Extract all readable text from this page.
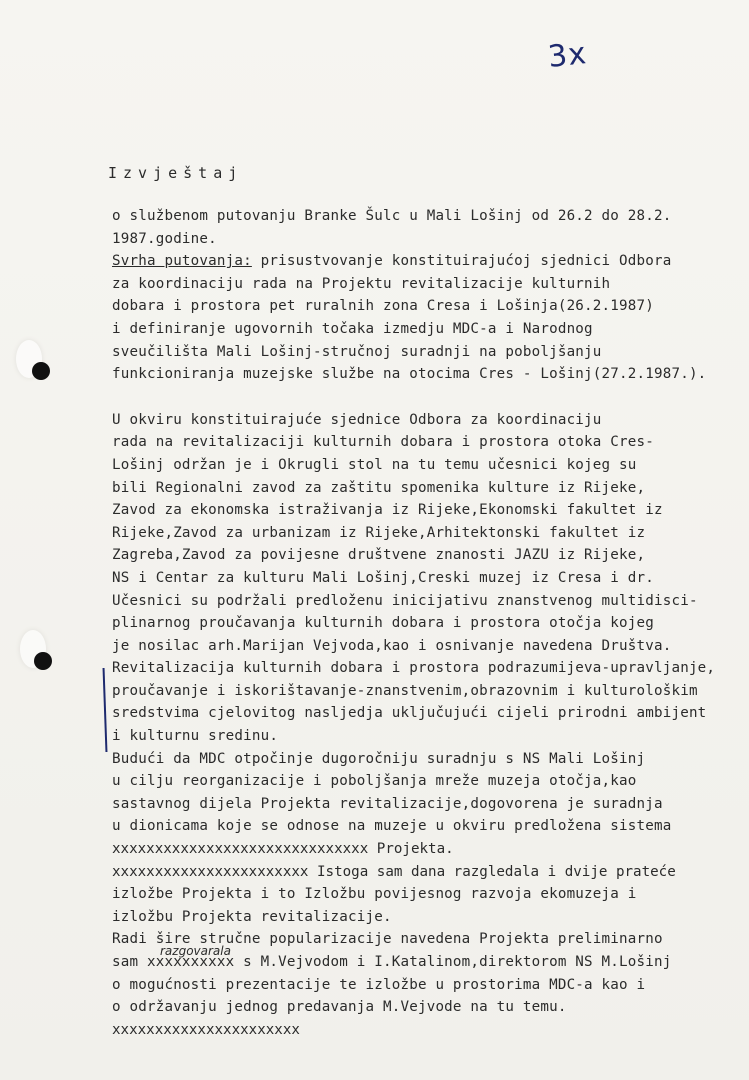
3x
Izvještaj
o službenom putovanju Branke Šulc u Mali Lošinj od 26.2 do 28.2.
1987.godine.
Svrha putovanja: prisustvovanje konstituirajućoj sjednici Odbora
za koordinaciju rada na Projektu revitalizacije kulturnih
dobara i prostora pet ruralnih zona Cresa i Lošinja(26.2.1987)
i definiranje ugovornih točaka izmedju MDC-a i Narodnog
sveučilišta Mali Lošinj-stručnoj suradnji na poboljšanju
funkcioniranja muzejske službe na otocima Cres - Lošinj(27.2.1987.).
U okviru konstituirajuće sjednice Odbora za koordinaciju
rada na revitalizaciji kulturnih dobara i prostora otoka Cres-
Lošinj održan je i Okrugli stol na tu temu učesnici kojeg su
bili Regionalni zavod za zaštitu spomenika kulture iz Rijeke,
Zavod za ekonomska istraživanja iz Rijeke,Ekonomski fakultet iz
Rijeke,Zavod za urbanizam iz Rijeke,Arhitektonski fakultet iz
Zagreba,Zavod za povijesne društvene znanosti JAZU iz Rijeke,
NS i Centar za kulturu Mali Lošinj,Creski muzej iz Cresa i dr.
Učesnici su podržali predloženu inicijativu znanstvenog multidisci-
plinarnog proučavanja kulturnih dobara i prostora otočja kojeg
je nosilac arh.Marijan Vejvoda,kao i osnivanje navedena Društva.
Revitalizacija kulturnih dobara i prostora podrazumijeva-upravljanje,
proučavanje i iskorištavanje-znanstvenim,obrazovnim i kulturološkim
sredstvima cjelovitog nasljedja uključujući cijeli prirodni ambijent
i kulturnu sredinu.
Budući da MDC otpočinje dugoročniju suradnju s NS Mali Lošinj
u cilju reorganizacije i poboljšanja mreže muzeja otočja,kao
sastavnog dijela Projekta revitalizacije,dogovorena je suradnja
u dionicama koje se odnose na muzeje u okviru predložena sistema
xxxxxxxxxxxxxxxxxxxxxxxxxxxxxx Projekta.
xxxxxxxxxxxxxxxxxxxxxxx Istoga sam dana razgledala i dvije prateće
izložbe Projekta i to Izložbu povijesnog razvoja ekomuzeja i
izložbu Projekta revitalizacije.
Radi šire stručne popularizacije navedena Projekta preliminarno
sam xxxxxxxxxx s M.Vejvodom i I.Katalinom,direktorom NS M.Lošinj
o mogućnosti prezentacije te izložbe u prostorima MDC-a kao i
o održavanju jednog predavanja M.Vejvode na tu temu.
xxxxxxxxxxxxxxxxxxxxxx
razgovarala
